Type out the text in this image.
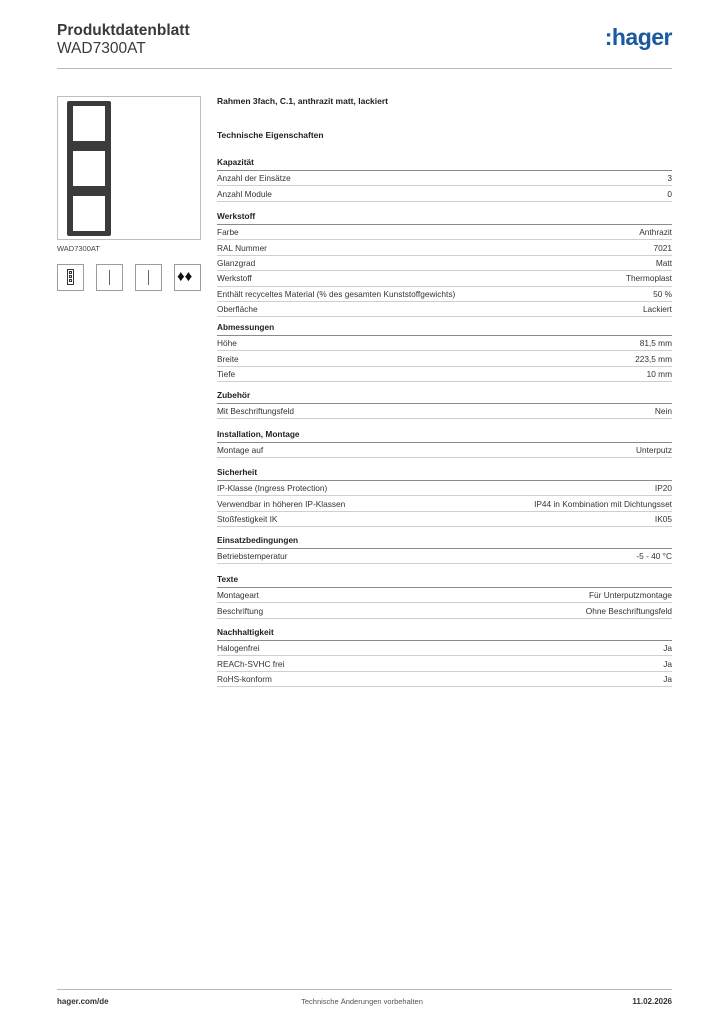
Produktdatenblatt
WAD7300AT	:hager
WAD7300AT
♦♦
Rahmen 3fach, C.1, anthrazit matt, lackiert
Technische Eigenschaften
Kapazität
Anzahl der Einsätze	3
Anzahl Module	0
Werkstoff
Farbe	Anthrazit
RAL Nummer	7021
Glanzgrad	Matt
Werkstoff	Thermoplast
Enthält recyceltes Material (% des gesamten Kunststoffgewichts)	50 %
Oberfläche	Lackiert
Abmessungen
Höhe	81,5 mm
Breite	223,5 mm
Tiefe	10 mm
Zubehör
Mit Beschriftungsfeld	Nein
Installation, Montage
Montage auf	Unterputz
Sicherheit
IP-Klasse (Ingress Protection)	IP20
Verwendbar in höheren IP-Klassen	IP44 in Kombination mit Dichtungsset
Stoßfestigkeit IK	IK05
Einsatzbedingungen
Betriebstemperatur	-5 - 40 °C
Texte
Montageart	Für Unterputzmontage
Beschriftung	Ohne Beschriftungsfeld
Nachhaltigkeit
Halogenfrei	Ja
REACh-SVHC frei	Ja
RoHS-konform	Ja
hager.com/de	Technische Änderungen vorbehalten	11.02.2026
